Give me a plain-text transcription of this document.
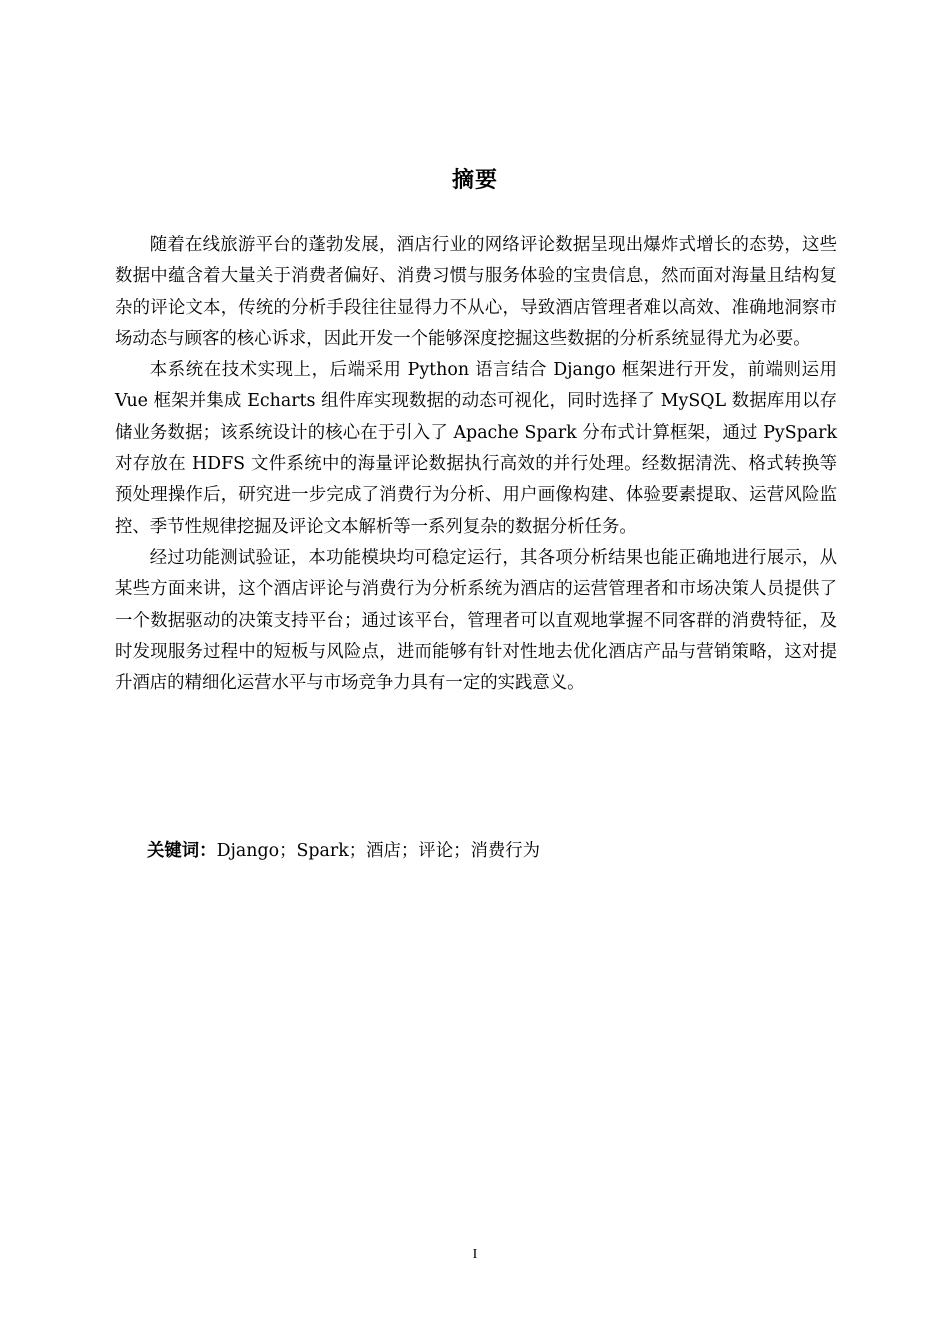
摘要

随着在线旅游平台的蓬勃发展，酒店行业的网络评论数据呈现出爆炸式增长的态势，这些数据中蕴含着大量关于消费者偏好、消费习惯与服务体验的宝贵信息，然而面对海量且结构复杂的评论文本，传统的分析手段往往显得力不从心，导致酒店管理者难以高效、准确地洞察市场动态与顾客的核心诉求，因此开发一个能够深度挖掘这些数据的分析系统显得尤为必要。

本系统在技术实现上，后端采用 Python 语言结合 Django 框架进行开发，前端则运用 Vue 框架并集成 Echarts 组件库实现数据的动态可视化，同时选择了 MySQL 数据库用以存储业务数据；该系统设计的核心在于引入了 Apache Spark 分布式计算框架，通过 PySpark 对存放在 HDFS 文件系统中的海量评论数据执行高效的并行处理。经数据清洗、格式转换等预处理操作后，研究进一步完成了消费行为分析、用户画像构建、体验要素提取、运营风险监控、季节性规律挖掘及评论文本解析等一系列复杂的数据分析任务。

经过功能测试验证，本功能模块均可稳定运行，其各项分析结果也能正确地进行展示，从某些方面来讲，这个酒店评论与消费行为分析系统为酒店的运营管理者和市场决策人员提供了一个数据驱动的决策支持平台；通过该平台，管理者可以直观地掌握不同客群的消费特征，及时发现服务过程中的短板与风险点，进而能够有针对性地去优化酒店产品与营销策略，这对提升酒店的精细化运营水平与市场竞争力具有一定的实践意义。

关键词：Django；Spark；酒店；评论；消费行为
I
